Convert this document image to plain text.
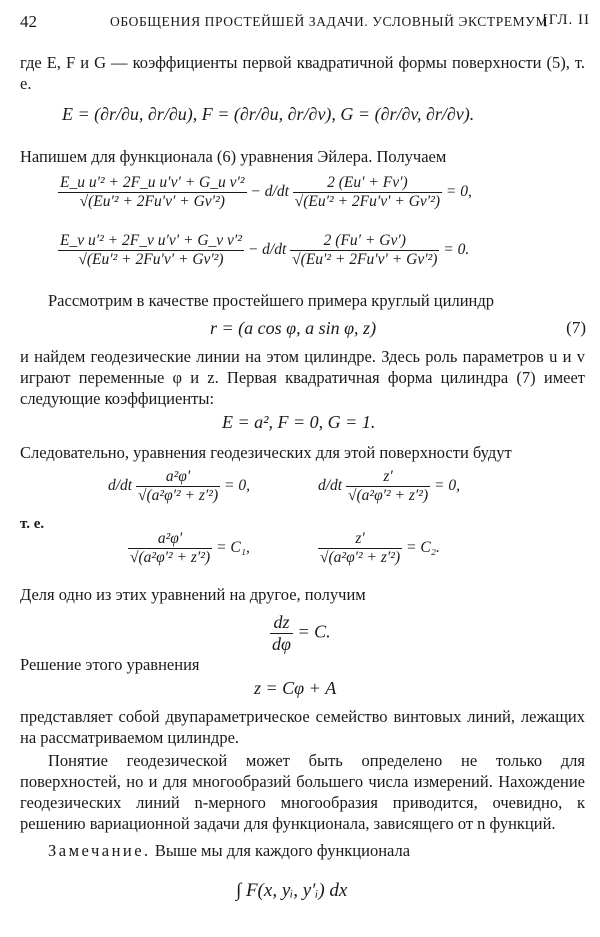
42	ОБОБЩЕНИЯ ПРОСТЕЙШЕЙ ЗАДАЧИ. УСЛОВНЫЙ ЭКСТРЕМУМ
[ГЛ. II
где E, F и G — коэффициенты первой квадратичной формы поверхности (5), т. е.
E = (∂r/∂u, ∂r/∂u), F = (∂r/∂u, ∂r/∂v), G = (∂r/∂v, ∂r/∂v).
Напишем для функционала (6) уравнения Эйлера. Получаем
$\frac{\text{E\_u u′² + 2F\_u u′v′ + G\_u v′²}}{\text{√(Eu′² + 2Fu′v′ + Gv′²)}} - d/dt \frac{2 (Eu' + Fv')}{\text{√(Eu′² + 2Fu′v′ + Gv′²)}} = 0$,
$\frac{\text{E\_v u′² + 2F\_v u′v′ + G\_v v′²}}{\text{√(Eu′² + 2Fu′v′ + Gv′²)}} - d/dt \frac{2 (Fu' + Gv')}{\text{√(Eu′² + 2Fu′v′ + Gv′²)}} = 0$.
Рассмотрим в качестве простейшего примера круглый цилиндр
r = (a cos φ, a sin φ, z)	(7)
и найдем геодезические линии на этом цилиндре. Здесь роль параметров u и v играют переменные φ и z. Первая квадратичная форма цилиндра (7) имеет следующие коэффициенты:
E = a², F = 0, G = 1.
Следовательно, уравнения геодезических для этой поверхности будут
$d/dt \frac{\text{a²φ′}}{\text{√(a²φ′² + z′²)}} = 0$,	$d/dt \frac{z'}{\text{√(a²φ′² + z′²)}} = 0$,
т. е.
$\frac{\text{a²φ′}}{\text{√(a²φ′² + z′²)}} = C_1$,	$\frac{z'}{\text{√(a²φ′² + z′²)}} = C_2$.
Деля одно из этих уравнений на другое, получим
$\frac{dz}{d\varphi} = C$.
Решение этого уравнения
z = Cφ + A
представляет собой двупараметрическое семейство винтовых линий, лежащих на рассматриваемом цилиндре.
Понятие геодезической может быть определено не только для поверхностей, но и для многообразий большего числа измерений. Нахождение геодезических линий n-мерного многообразия приводится, очевидно, к решению вариационной задачи для функционала, зависящего от n функций.
Замечание. Выше мы для каждого функционала
∫ F(x, yᵢ, y′ᵢ) dx
